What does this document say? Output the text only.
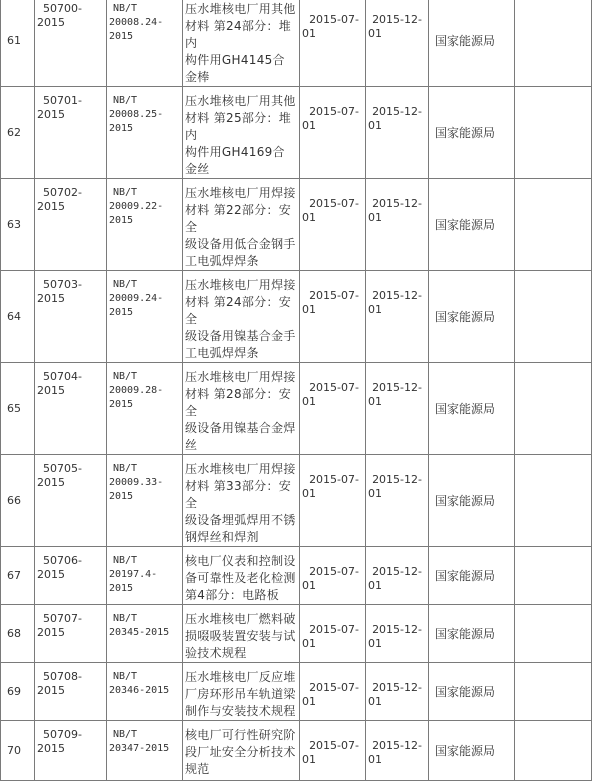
61	50700-
2015	NB/T
20008.24-
2015	压水堆核电厂用其他
材料 第24部分：堆内
构件用GH4145合金棒	2015-07-
01	2015-12-
01	国家能源局	
62	50701-
2015	NB/T
20008.25-
2015	压水堆核电厂用其他
材料 第25部分：堆内
构件用GH4169合金丝	2015-07-
01	2015-12-
01	国家能源局	
63	50702-
2015	NB/T
20009.22-
2015	压水堆核电厂用焊接
材料 第22部分：安全
级设备用低合金钢手
工电弧焊焊条	2015-07-
01	2015-12-
01	国家能源局	
64	50703-
2015	NB/T
20009.24-
2015	压水堆核电厂用焊接
材料 第24部分：安全
级设备用镍基合金手
工电弧焊焊条	2015-07-
01	2015-12-
01	国家能源局	
65	50704-
2015	NB/T
20009.28-
2015	压水堆核电厂用焊接
材料 第28部分：安全
级设备用镍基合金焊
丝	2015-07-
01	2015-12-
01	国家能源局	
66	50705-
2015	NB/T
20009.33-
2015	压水堆核电厂用焊接
材料 第33部分：安全
级设备埋弧焊用不锈
钢焊丝和焊剂	2015-07-
01	2015-12-
01	国家能源局	
67	50706-
2015	NB/T
20197.4-
2015	核电厂仪表和控制设
备可靠性及老化检测
第4部分：电路板	2015-07-
01	2015-12-
01	国家能源局	
68	50707-
2015	NB/T
20345-2015	压水堆核电厂燃料破
损啜吸装置安装与试
验技术规程	2015-07-
01	2015-12-
01	国家能源局	
69	50708-
2015	NB/T
20346-2015	压水堆核电厂反应堆
厂房环形吊车轨道梁
制作与安装技术规程	2015-07-
01	2015-12-
01	国家能源局	
70	50709-
2015	NB/T
20347-2015	核电厂可行性研究阶
段厂址安全分析技术
规范	2015-07-
01	2015-12-
01	国家能源局	
